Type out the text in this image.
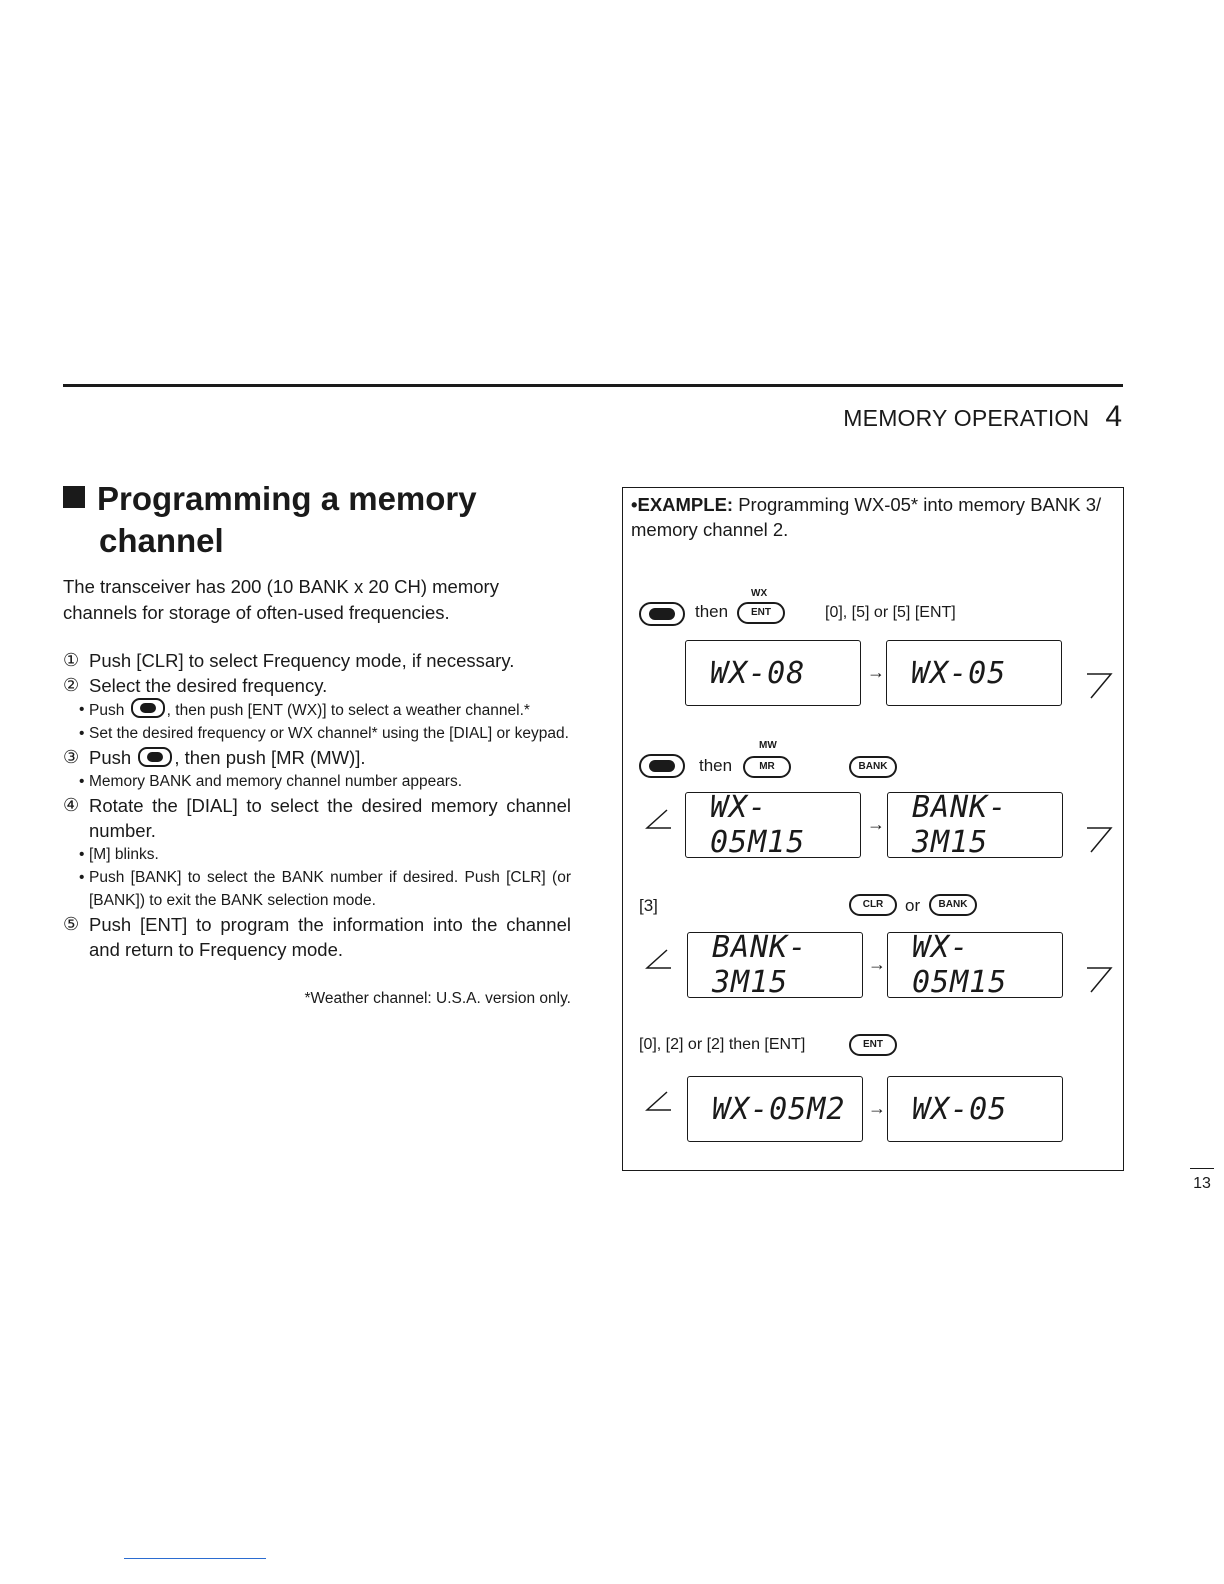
MEMORY OPERATION 4
Programming a memory
channel

The transceiver has 200 (10 BANK x 20 CH) memory channels for storage of often-used frequencies.

① Push [CLR] to select Frequency mode, if necessary.
② Select the desired frequency.
• Push	, then push [ENT (WX)] to select a weather channel.*
• Set the desired frequency or WX channel* using the [DIAL] or keypad.
③ Push , then push [MR (MW)].
• Memory BANK and memory channel number appears.
④ Rotate the [DIAL] to select the desired memory channel number.
• [M] blinks.
• Push [BANK] to select the BANK number if desired. Push [CLR] (or [BANK]) to exit the BANK selection mode.
⑤ Push [ENT] to program the information into the channel and return to Frequency mode.
*Weather channel: U.S.A. version only.
•EXAMPLE: Programming WX-05* into memory BANK 3/ memory channel 2.
WX
then	ENT	[0], [5] or [5] [ENT]
WX-08	→ WX-05
MW
then	MR	BANK
WX-05M15
→ BANK-3M15
[3]	CLR	or	BANK
BANK-3M15
→ WX-05M15
[0], [2] or [2] then [ENT]	ENT
WX-05M2	→ WX-05
13
